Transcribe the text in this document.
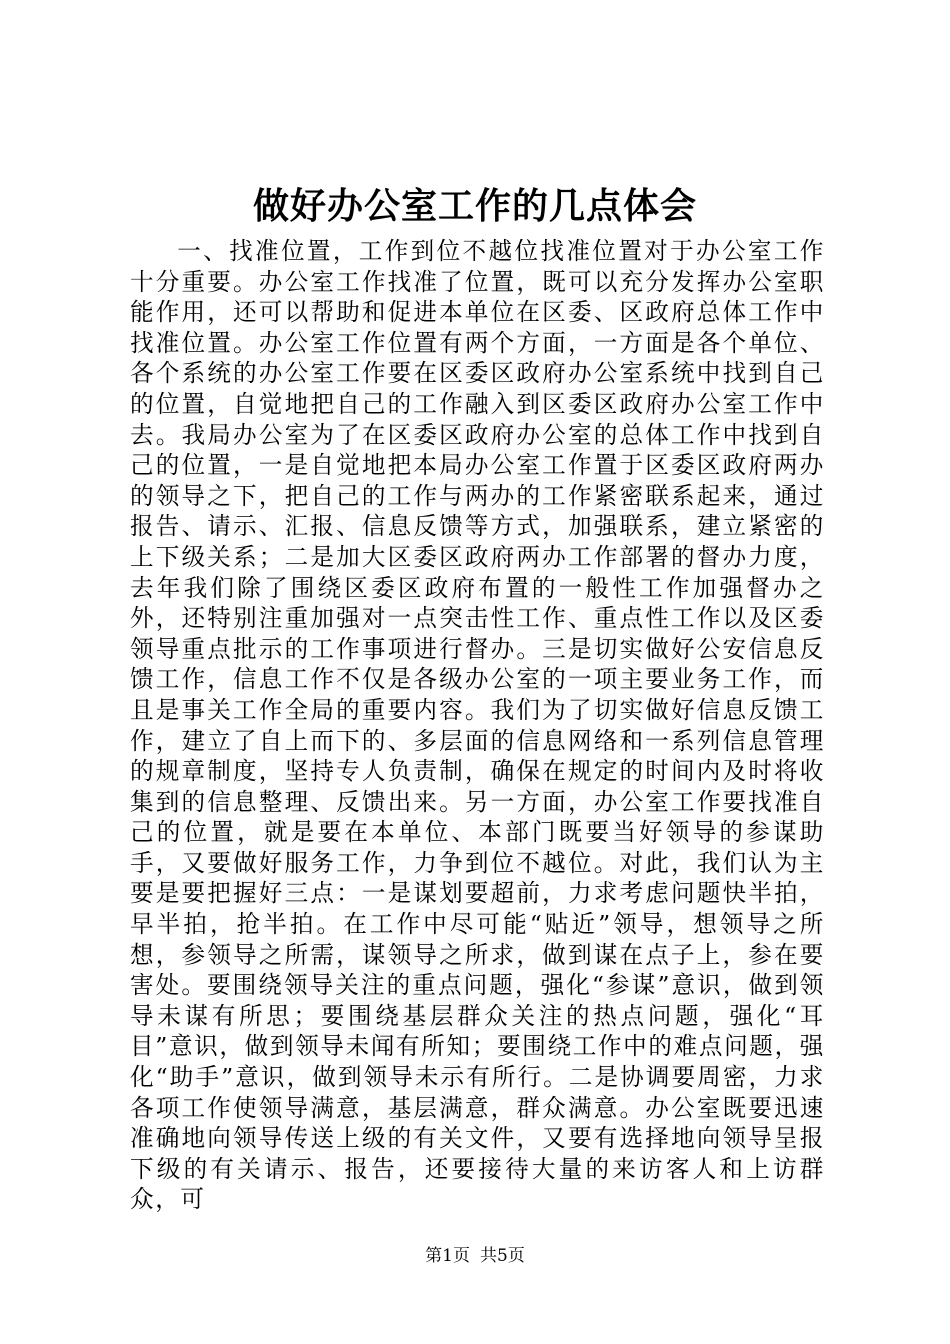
做好办公室工作的几点体会

一、找准位置，工作到位不越位找准位置对于办公室工作十分重要。办公室工作找准了位置，既可以充分发挥办公室职能作用，还可以帮助和促进本单位在区委、区政府总体工作中找准位置。办公室工作位置有两个方面，一方面是各个单位、各个系统的办公室工作要在区委区政府办公室系统中找到自己的位置，自觉地把自己的工作融入到区委区政府办公室工作中去。我局办公室为了在区委区政府办公室的总体工作中找到自己的位置，一是自觉地把本局办公室工作置于区委区政府两办的领导之下，把自己的工作与两办的工作紧密联系起来，通过报告、请示、汇报、信息反馈等方式，加强联系，建立紧密的上下级关系；二是加大区委区政府两办工作部署的督办力度，去年我们除了围绕区委区政府布置的一般性工作加强督办之外，还特别注重加强对一点突击性工作、重点性工作以及区委领导重点批示的工作事项进行督办。三是切实做好公安信息反馈工作，信息工作不仅是各级办公室的一项主要业务工作，而且是事关工作全局的重要内容。我们为了切实做好信息反馈工作，建立了自上而下的、多层面的信息网络和一系列信息管理的规章制度，坚持专人负责制，确保在规定的时间内及时将收集到的信息整理、反馈出来。另一方面，办公室工作要找准自己的位置，就是要在本单位、本部门既要当好领导的参谋助手，又要做好服务工作，力争到位不越位。对此，我们认为主要是要把握好三点：一是谋划要超前，力求考虑问题快半拍，早半拍，抢半拍。在工作中尽可能“贴近”领导，想领导之所想，参领导之所需，谋领导之所求，做到谋在点子上，参在要害处。要围绕领导关注的重点问题，强化“参谋”意识，做到领导未谋有所思；要围绕基层群众关注的热点问题，强化“耳目”意识，做到领导未闻有所知；要围绕工作中的难点问题，强化“助手”意识，做到领导未示有所行。二是协调要周密，力求各项工作使领导满意，基层满意，群众满意。办公室既要迅速准确地向领导传送上级的有关文件，又要有选择地向领导呈报下级的有关请示、报告，还要接待大量的来访客人和上访群众，可

第1页 共5页
